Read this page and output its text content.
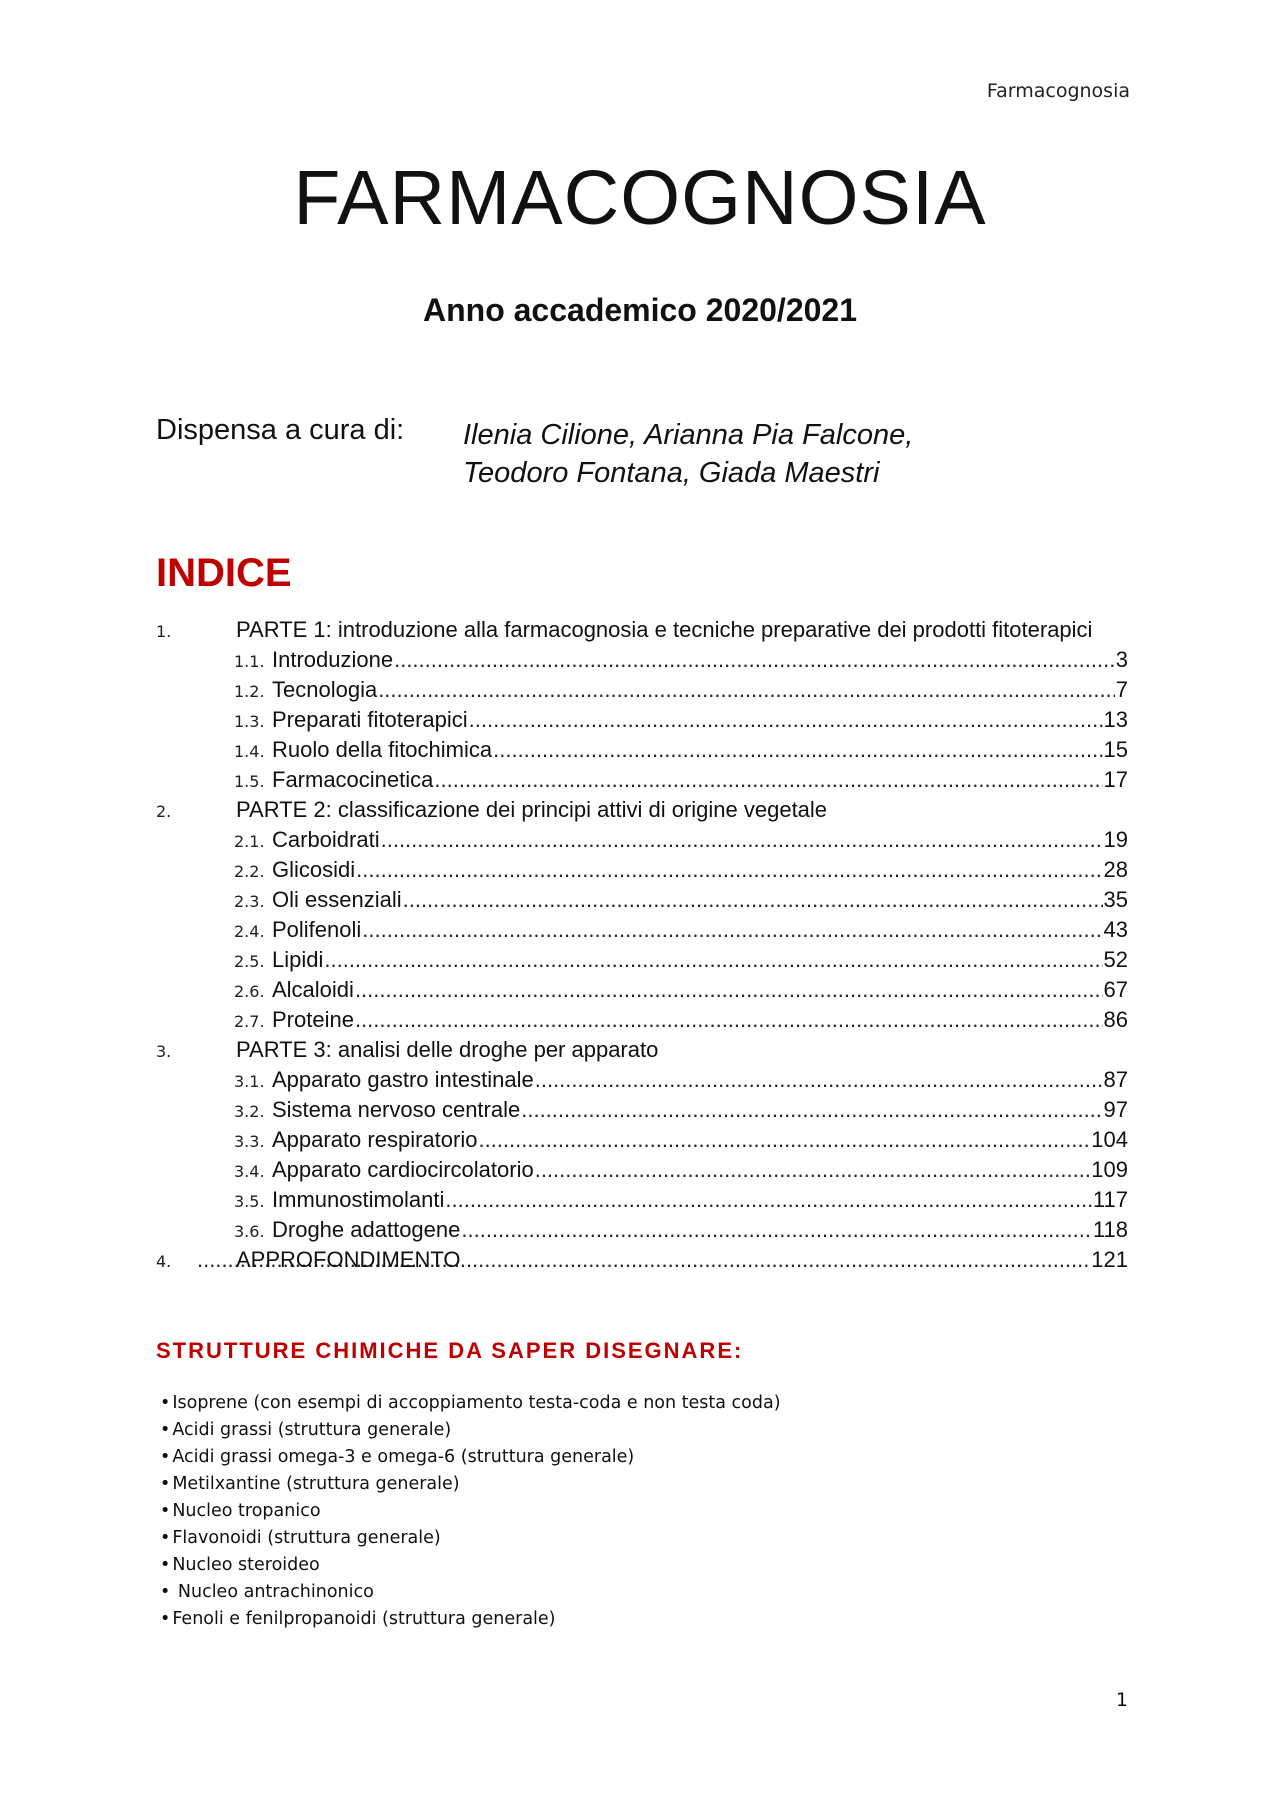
Farmacognosia
FARMACOGNOSIA
Anno accademico 2020/2021
Dispensa a cura di: Ilenia Cilione, Arianna Pia Falcone,
Teodoro Fontana, Giada Maestri
INDICE
1.	PARTE 1: introduzione alla farmacognosia e tecniche preparative dei prodotti fitoterapici
1.1. Introduzione .....	3
1.2. Tecnologia .....	7
1.3. Preparati fitoterapici .....	13
1.4. Ruolo della fitochimica .....	15
1.5. Farmacocinetica .....	17
2.	PARTE 2: classificazione dei principi attivi di origine vegetale
2.1. Carboidrati .....	19
2.2. Glicosidi .....	28
2.3. Oli essenziali .....	35
2.4. Polifenoli .....	43
2.5. Lipidi .....	52
2.6. Alcaloidi .....	67
2.7. Proteine .....	86
3.	PARTE 3: analisi delle droghe per apparato
3.1. Apparato gastro intestinale .....	87
3.2. Sistema nervoso centrale .....	97
3.3. Apparato respiratorio .....	104
3.4. Apparato cardiocircolatorio .....	109
3.5. Immunostimolanti .....	117
3.6. Droghe adattogene .....	118
4.	APPROFONDIMENTO .....	121
STRUTTURE CHIMICHE DA SAPER DISEGNARE:
• Isoprene (con esempi di accoppiamento testa-coda e non testa coda)
• Acidi grassi (struttura generale)
• Acidi grassi omega-3 e omega-6 (struttura generale)
• Metilxantine (struttura generale)
• Nucleo tropanico
• Flavonoidi (struttura generale)
• Nucleo steroideo
• Nucleo antrachinonico
• Fenoli e fenilpropanoidi (struttura generale)
1
